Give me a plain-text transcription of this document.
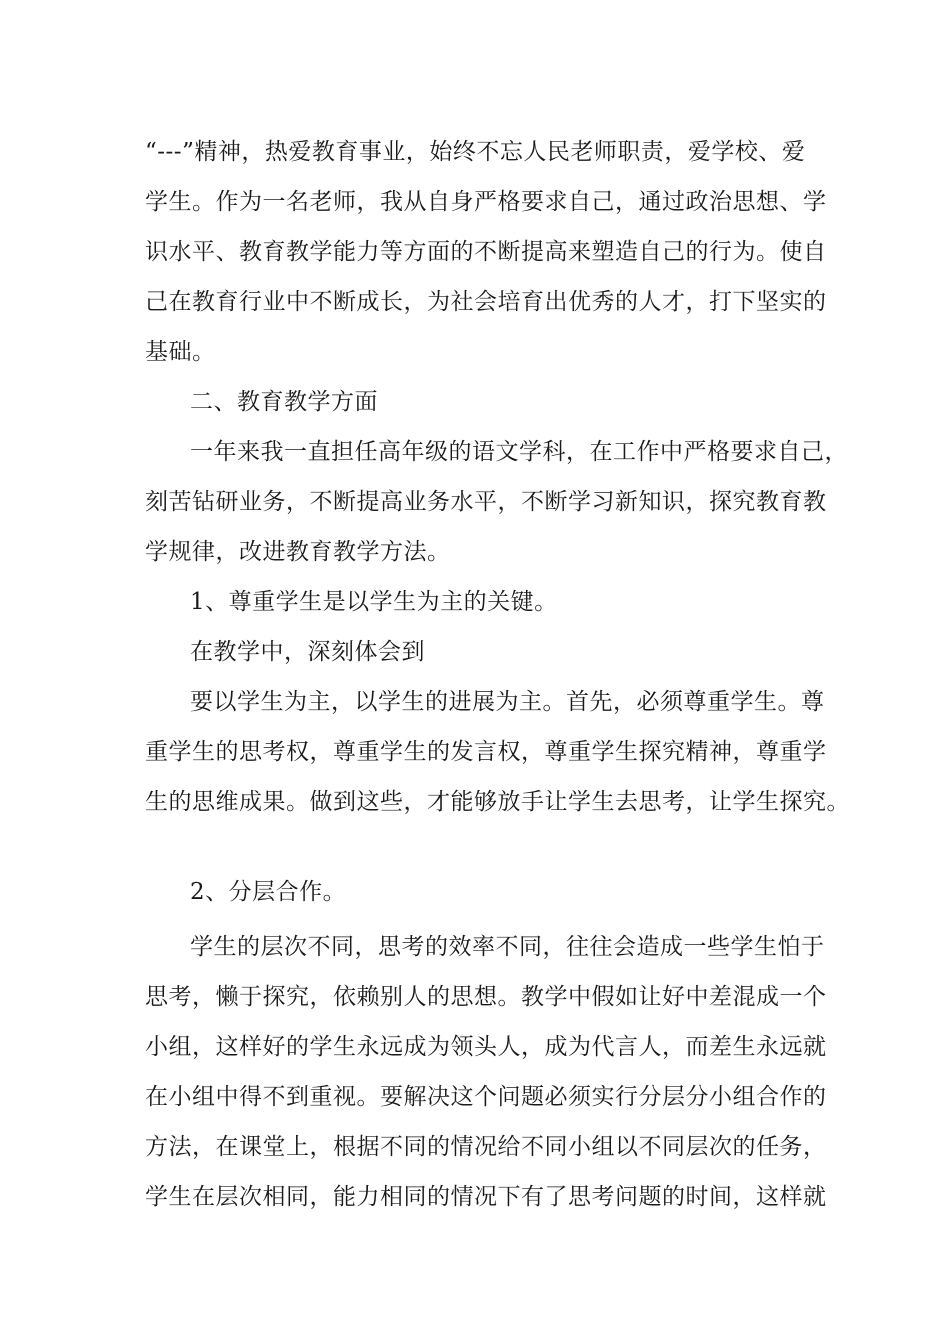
“---”精神，热爱教育事业，始终不忘人民老师职责，爱学校、爱
学生。作为一名老师，我从自身严格要求自己，通过政治思想、学
识水平、教育教学能力等方面的不断提高来塑造自己的行为。使自
己在教育行业中不断成长，为社会培育出优秀的人才，打下坚实的
基础。
二、教育教学方面
一年来我一直担任高年级的语文学科，在工作中严格要求自己，
刻苦钻研业务，不断提高业务水平，不断学习新知识，探究教育教
学规律，改进教育教学方法。
1、尊重学生是以学生为主的关键。
在教学中，深刻体会到
要以学生为主，以学生的进展为主。首先，必须尊重学生。尊
重学生的思考权，尊重学生的发言权，尊重学生探究精神，尊重学
生的思维成果。做到这些，才能够放手让学生去思考，让学生探究。
2、分层合作。
学生的层次不同，思考的效率不同，往往会造成一些学生怕于
思考，懒于探究，依赖别人的思想。教学中假如让好中差混成一个
小组，这样好的学生永远成为领头人，成为代言人，而差生永远就
在小组中得不到重视。要解决这个问题必须实行分层分小组合作的
方法，在课堂上，根据不同的情况给不同小组以不同层次的任务，
学生在层次相同，能力相同的情况下有了思考问题的时间，这样就
